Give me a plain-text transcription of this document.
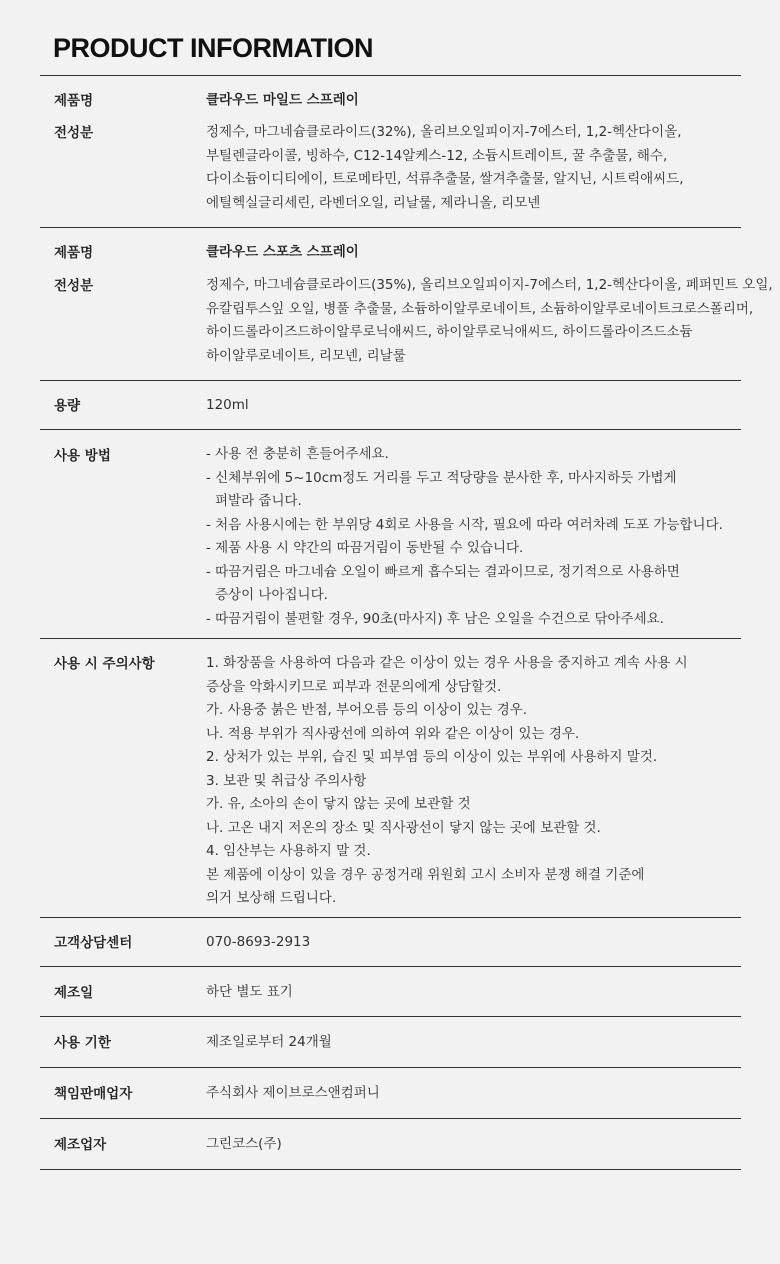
PRODUCT INFORMATION
제품명	클라우드 마일드 스프레이
전성분	정제수, 마그네슘클로라이드(32%), 올리브오일피이지-7에스터, 1,2-헥산다이올,
부틸렌글라이콜, 빙하수, C12-14알케스-12, 소듐시트레이트, 꿀 추출물, 해수,
다이소듐이디티에이, 트로메타민, 석류추출물, 쌀겨추출물, 알지닌, 시트릭애씨드,
에틸헥실글리세린, 라벤더오일, 리날룰, 제라니올, 리모넨
제품명	클라우드 스포츠 스프레이
전성분	정제수, 마그네슘클로라이드(35%), 올리브오일피이지-7에스터, 1,2-헥산다이올, 페퍼민트 오일,
유칼립투스잎 오일, 병풀 추출물, 소듐하이알루로네이트, 소듐하이알루로네이트크로스폴리머,
하이드롤라이즈드하이알루로닉애씨드, 하이알루로닉애씨드, 하이드롤라이즈드소듐
하이알루로네이트, 리모넨, 리날룰
용량	120ml
사용 방법	- 사용 전 충분히 흔들어주세요.
- 신체부위에 5~10cm정도 거리를 두고 적당량을 분사한 후, 마사지하듯 가볍게
펴발라 줍니다.
- 처음 사용시에는 한 부위당 4회로 사용을 시작, 필요에 따라 여러차례 도포 가능합니다.
- 제품 사용 시 약간의 따끔거림이 동반될 수 있습니다.
- 따끔거림은 마그네슘 오일이 빠르게 흡수되는 결과이므로, 정기적으로 사용하면
증상이 나아집니다.
- 따끔거림이 불편할 경우, 90초(마사지) 후 남은 오일을 수건으로 닦아주세요.
사용 시 주의사항	1. 화장품을 사용하여 다음과 같은 이상이 있는 경우 사용을 중지하고 계속 사용 시
증상을 악화시키므로 피부과 전문의에게 상담할것.
가. 사용중 붉은 반점, 부어오름 등의 이상이 있는 경우.
나. 적용 부위가 직사광선에 의하여 위와 같은 이상이 있는 경우.
2. 상처가 있는 부위, 습진 및 피부염 등의 이상이 있는 부위에 사용하지 말것.
3. 보관 및 취급상 주의사항
가. 유, 소아의 손이 닿지 않는 곳에 보관할 것
나. 고온 내지 저온의 장소 및 직사광선이 닿지 않는 곳에 보관할 것.
4. 임산부는 사용하지 말 것.
본 제품에 이상이 있을 경우 공정거래 위원회 고시 소비자 분쟁 해결 기준에
의거 보상해 드립니다.
고객상담센터	070-8693-2913
제조일	하단 별도 표기
사용 기한	제조일로부터 24개월
책임판매업자	주식회사 제이브로스앤컴퍼니
제조업자	그린코스(주)
